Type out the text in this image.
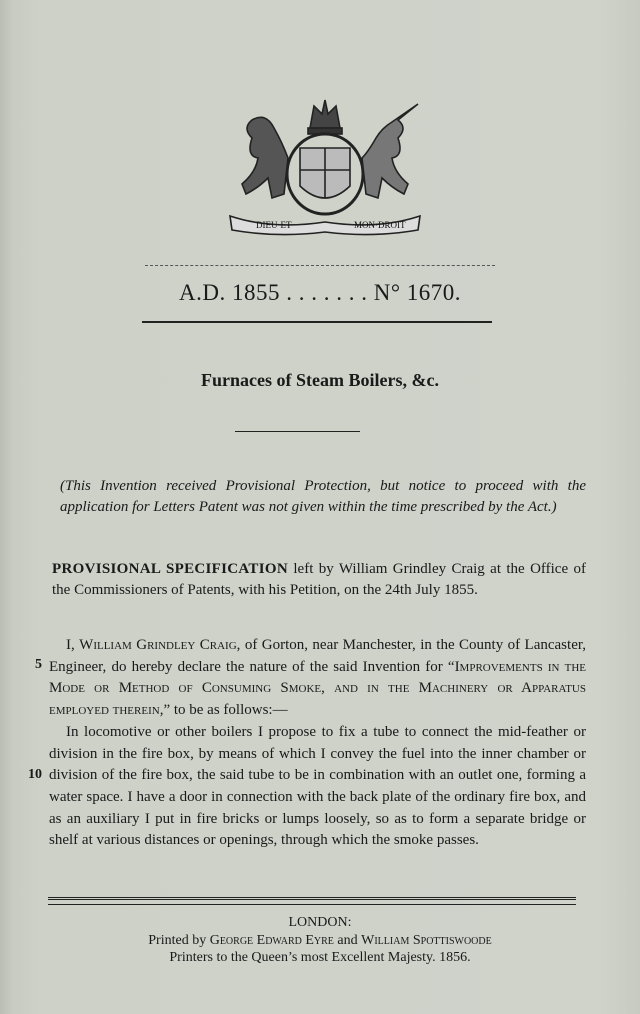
DIEU·ET	MON·DROIT
A.D. 1855 . . . . . . . N° 1670.
Furnaces of Steam Boilers, &c.
(This Invention received Provisional Protection, but notice to proceed with the application for Letters Patent was not given within the time prescribed by the Act.)
PROVISIONAL SPECIFICATION left by William Grindley Craig at the Office of the Commissioners of Patents, with his Petition, on the 24th July 1855.

I, William Grindley Craig, of Gorton, near Manchester, in the County of Lancaster, Engineer, do hereby declare the nature of the said Invention for “Improvements in the Mode or Method of Consuming Smoke, and in the Machinery or Apparatus employed therein,” to be as follows:—

In locomotive or other boilers I propose to fix a tube to connect the mid-feather or division in the fire box, by means of which I convey the fuel into the inner chamber or division of the fire box, the said tube to be in combination with an outlet one, forming a water space. I have a door in connection with the back plate of the ordinary fire box, and as an auxiliary I put in fire bricks or lumps loosely, so as to form a separate bridge or shelf at various distances or openings, through which the smoke passes.

5
10
LONDON:
Printed by George Edward Eyre and William Spottiswoode
Printers to the Queen’s most Excellent Majesty. 1856.
